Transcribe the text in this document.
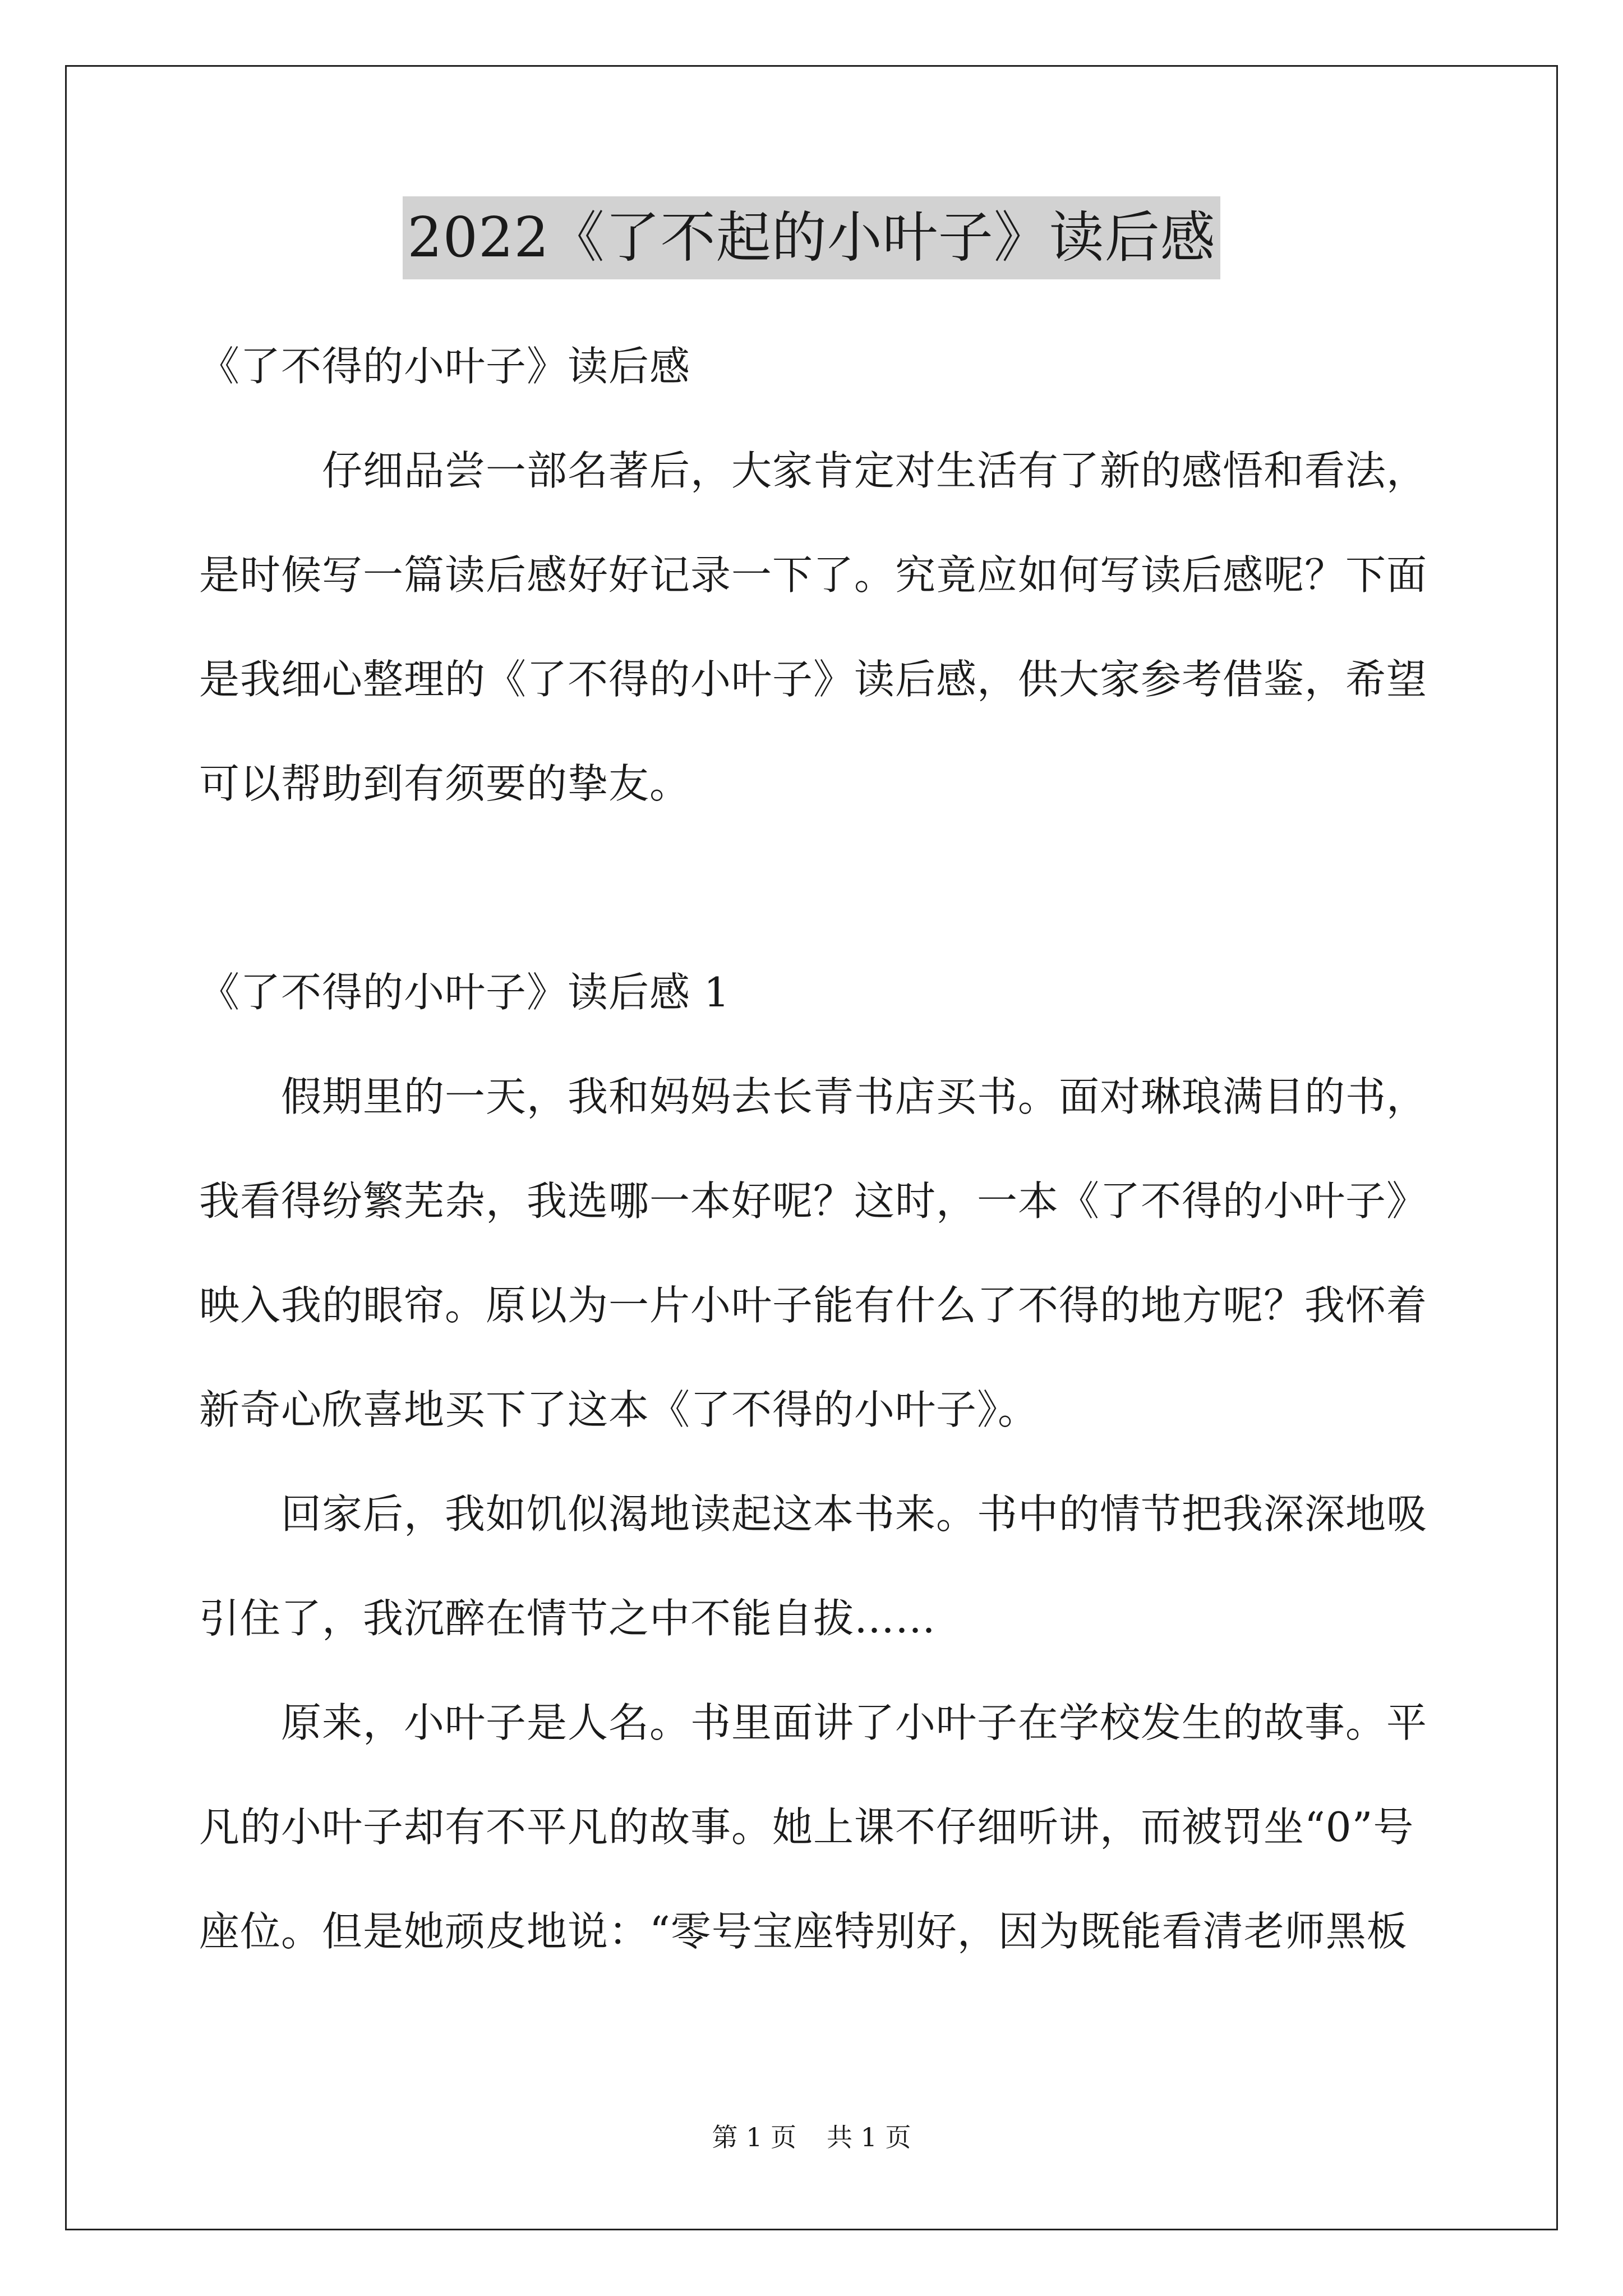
2022《了不起的小叶子》读后感
《了不得的小叶子》读后感
　　　仔细品尝一部名著后，大家肯定对生活有了新的感悟和看法，
是时候写一篇读后感好好记录一下了。究竟应如何写读后感呢？下面
是我细心整理的《了不得的小叶子》读后感，供大家参考借鉴，希望
可以帮助到有须要的挚友。
《了不得的小叶子》读后感 1
　　假期里的一天，我和妈妈去长青书店买书。面对琳琅满目的书，
我看得纷繁芜杂，我选哪一本好呢？这时，一本《了不得的小叶子》
映入我的眼帘。原以为一片小叶子能有什么了不得的地方呢？我怀着
新奇心欣喜地买下了这本《了不得的小叶子》。
　　回家后，我如饥似渴地读起这本书来。书中的情节把我深深地吸
引住了，我沉醉在情节之中不能自拔……
　　原来，小叶子是人名。书里面讲了小叶子在学校发生的故事。平
凡的小叶子却有不平凡的故事。她上课不仔细听讲，而被罚坐“0”号
座位。但是她顽皮地说：“零号宝座特别好，因为既能看清老师黑板
第 1 页 共 1 页
